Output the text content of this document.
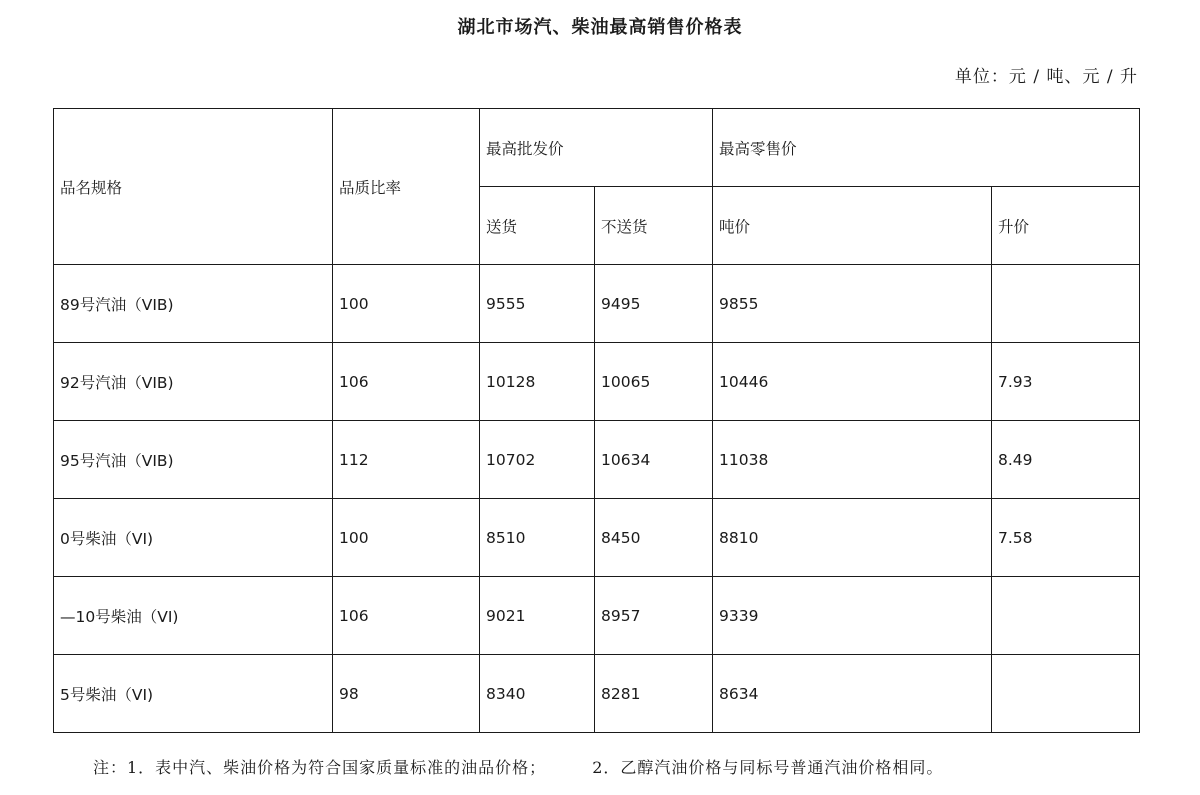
湖北市场汽、柴油最高销售价格表
单位：元 / 吨、元 / 升
品名规格	品质比率	最高批发价		最高零售价	
		送货	不送货	吨价	升价
89号汽油（VIB)	100	9555	9495	9855	
92号汽油（VIB)	106	10128	10065	10446	7.93
95号汽油（VIB)	112	10702	10634	11038	8.49
0号柴油（VI)	100	8510	8450	8810	7.58
—10号柴油（VI)	106	9021	8957	9339	
5号柴油（VI)	98	8340	8281	8634	
注：1．表中汽、柴油价格为符合国家质量标准的油品价格；	2．乙醇汽油价格与同标号普通汽油价格相同。
